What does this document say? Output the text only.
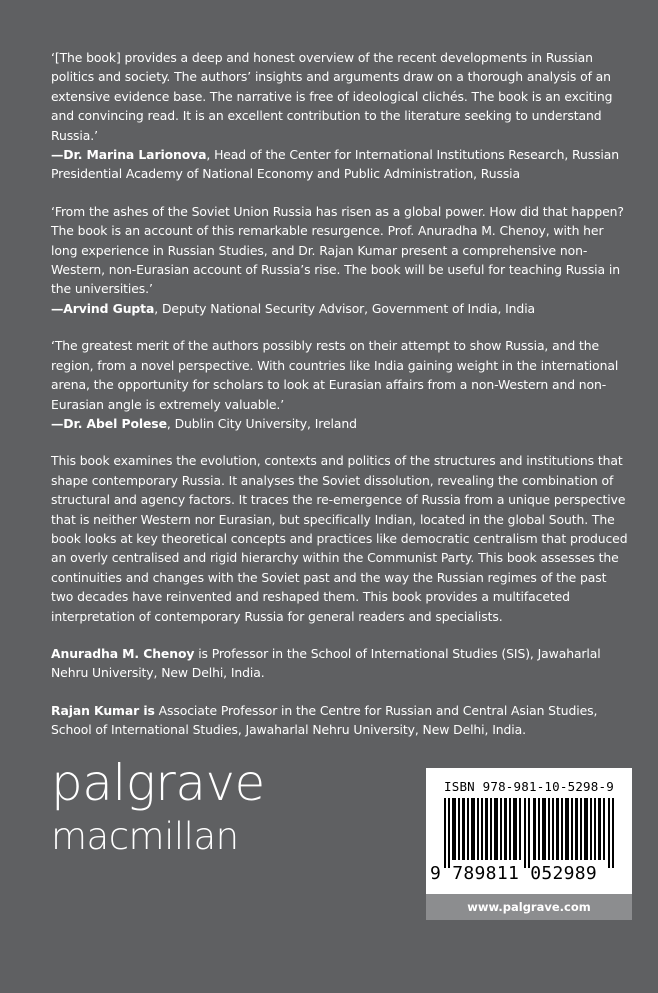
‘[The book] provides a deep and honest overview of the recent developments in Russian politics and society. The authors’ insights and arguments draw on a thorough analysis of an extensive evidence base. The narrative is free of ideological clichés. The book is an exciting and convincing read. It is an excellent contribution to the literature seeking to understand Russia.’
—Dr. Marina Larionova, Head of the Center for International Institutions Research, Russian Presidential Academy of National Economy and Public Administration, Russia
‘From the ashes of the Soviet Union Russia has risen as a global power. How did that happen? The book is an account of this remarkable resurgence. Prof. Anuradha M. Chenoy, with her long experience in Russian Studies, and Dr. Rajan Kumar present a comprehensive non-Western, non-Eurasian account of Russia’s rise. The book will be useful for teaching Russia in the universities.’
—Arvind Gupta, Deputy National Security Advisor, Government of India, India
‘The greatest merit of the authors possibly rests on their attempt to show Russia, and the region, from a novel perspective. With countries like India gaining weight in the international arena, the opportunity for scholars to look at Eurasian affairs from a non-Western and non-Eurasian angle is extremely valuable.’
—Dr. Abel Polese, Dublin City University, Ireland
This book examines the evolution, contexts and politics of the structures and institutions that shape contemporary Russia. It analyses the Soviet dissolution, revealing the combination of structural and agency factors. It traces the re-emergence of Russia from a unique perspective that is neither Western nor Eurasian, but specifically Indian, located in the global South. The book looks at key theoretical concepts and practices like democratic centralism that produced an overly centralised and rigid hierarchy within the Communist Party. This book assesses the continuities and changes with the Soviet past and the way the Russian regimes of the past two decades have reinvented and reshaped them. This book provides a multifaceted interpretation of contemporary Russia for general readers and specialists.
Anuradha M. Chenoy is Professor in the School of International Studies (SIS), Jawaharlal Nehru University, New Delhi, India.
Rajan Kumar is Associate Professor in the Centre for Russian and Central Asian Studies, School of International Studies, Jawaharlal Nehru University, New Delhi, India.
palgrave
macmillan
ISBN 978-981-10-5298-9
9 789811 052989
www.palgrave.com
